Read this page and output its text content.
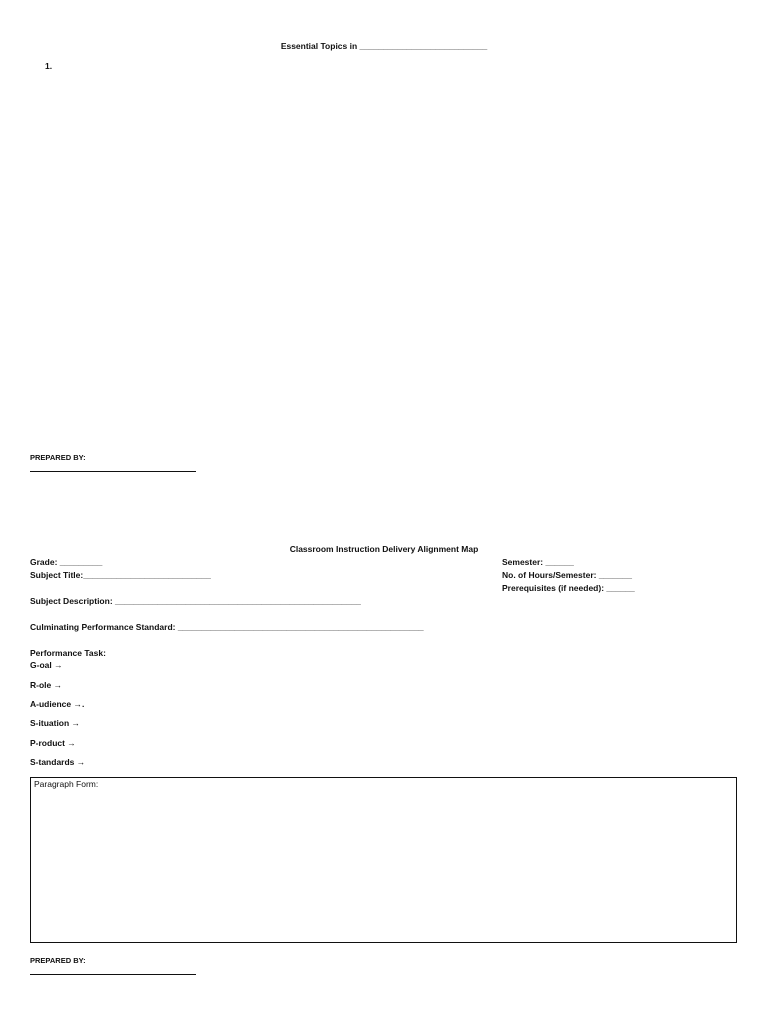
Essential Topics in ___________________________
1.
PREPARED BY:
Classroom Instruction Delivery Alignment Map
Grade: _________
Subject Title:___________________________
Semester: ______
No. of Hours/Semester: _______
Prerequisites (if needed): ______
Subject Description: ____________________________________________________
Culminating Performance Standard: ____________________________________________________
Performance Task:
G-oal →
R-ole →
A-udience →.
S-ituation →
P-roduct →
S-tandards →
Paragraph Form:
PREPARED BY:
